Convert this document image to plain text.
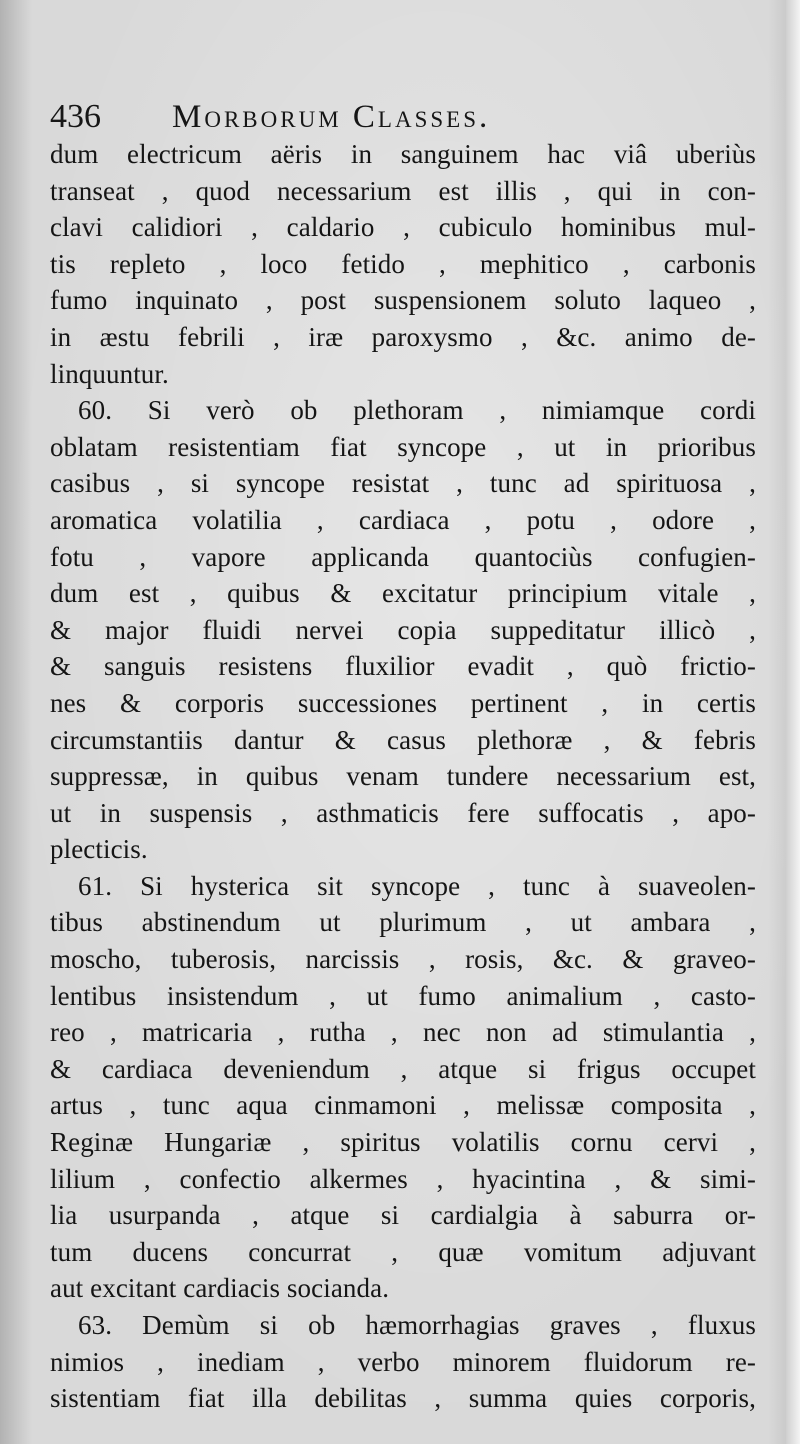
436 Morborum Classes.
dum electricum aëris in sanguinem hac viâ uberiùs
transeat , quod necessarium est illis , qui in con-
clavi calidiori , caldario , cubiculo hominibus mul-
tis repleto , loco fetido , mephitico , carbonis
fumo inquinato , post suspensionem soluto laqueo ,
in æstu febrili , iræ paroxysmo , &c. animo de-
linquuntur.
60. Si verò ob plethoram , nimiamque cordi
oblatam resistentiam fiat syncope , ut in prioribus
casibus , si syncope resistat , tunc ad spirituosa ,
aromatica volatilia , cardiaca , potu , odore ,
fotu , vapore applicanda quantociùs confugien-
dum est , quibus & excitatur principium vitale ,
& major fluidi nervei copia suppeditatur illicò ,
& sanguis resistens fluxilior evadit , quò frictio-
nes & corporis successiones pertinent , in certis
circumstantiis dantur & casus plethoræ , & febris
suppressæ, in quibus venam tundere necessarium est,
ut in suspensis , asthmaticis fere suffocatis , apo-
plecticis.
61. Si hysterica sit syncope , tunc à suaveolen-
tibus abstinendum ut plurimum , ut ambara ,
moscho, tuberosis, narcissis , rosis, &c. & graveo-
lentibus insistendum , ut fumo animalium , casto-
reo , matricaria , rutha , nec non ad stimulantia ,
& cardiaca deveniendum , atque si frigus occupet
artus , tunc aqua cinmamoni , melissæ composita ,
Reginæ Hungariæ , spiritus volatilis cornu cervi ,
lilium , confectio alkermes , hyacintina , & simi-
lia usurpanda , atque si cardialgia à saburra or-
tum ducens concurrat , quæ vomitum adjuvant
aut excitant cardiacis socianda.
63. Demùm si ob hæmorrhagias graves , fluxus
nimios , inediam , verbo minorem fluidorum re-
sistentiam fiat illa debilitas , summa quies corporis,
